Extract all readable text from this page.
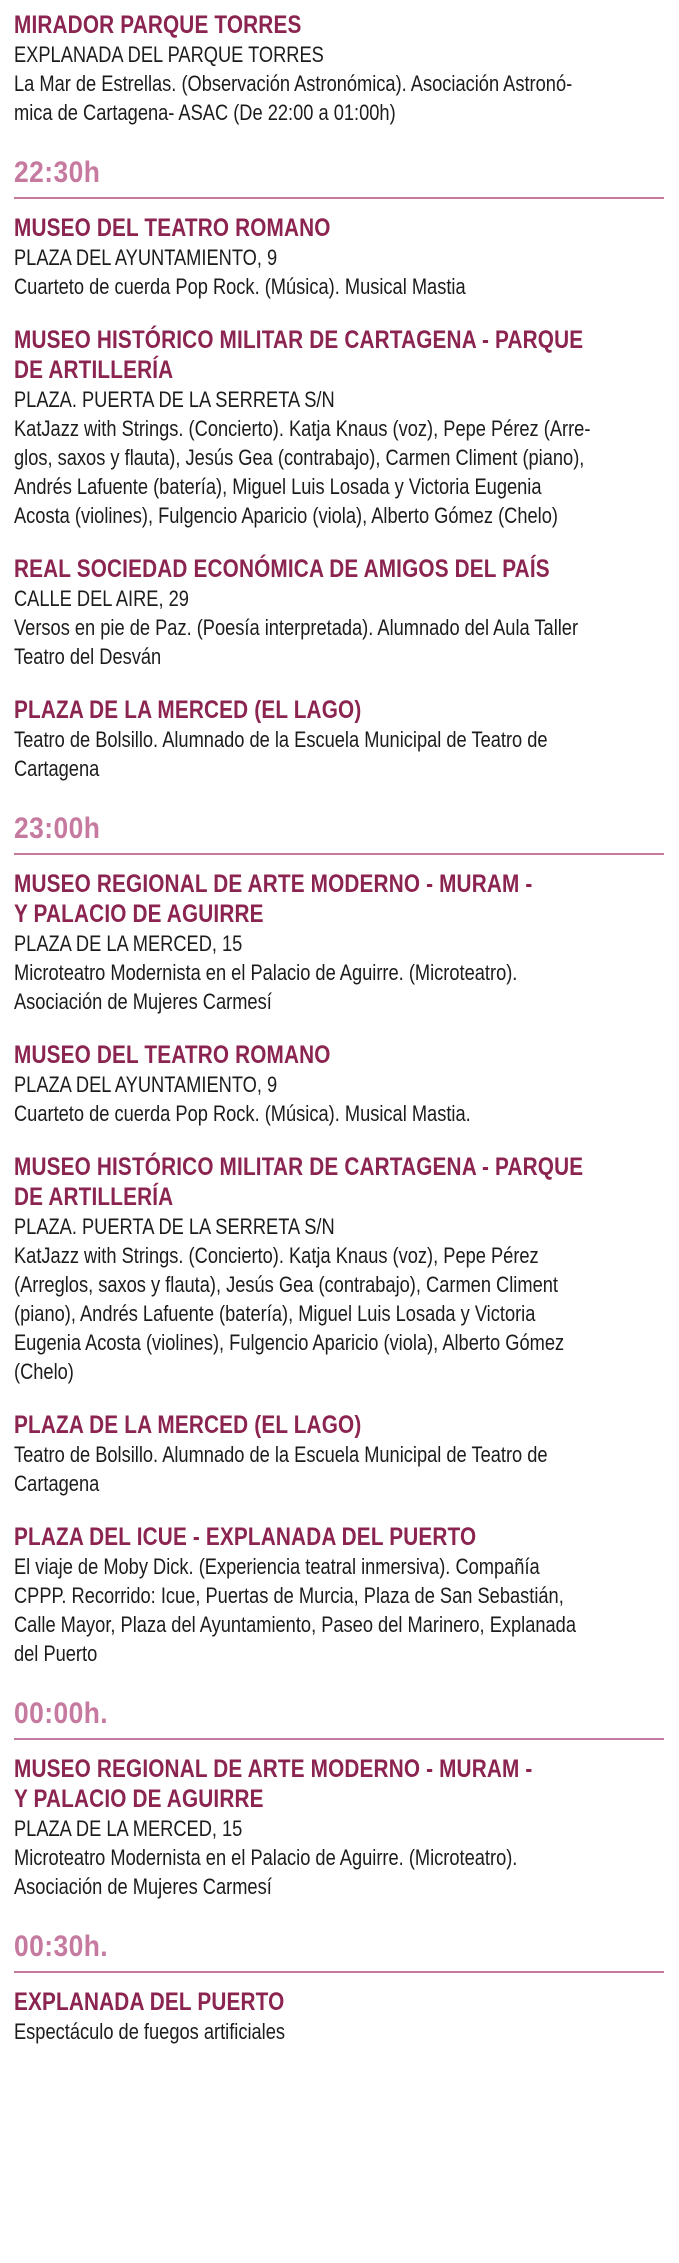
MIRADOR PARQUE TORRES
EXPLANADA DEL PARQUE TORRES
La Mar de Estrellas. (Observación Astronómica). Asociación Astronó-
mica de Cartagena- ASAC (De 22:00 a 01:00h)
22:30h
MUSEO DEL TEATRO ROMANO
PLAZA DEL AYUNTAMIENTO, 9
Cuarteto de cuerda Pop Rock. (Música). Musical Mastia
MUSEO HISTÓRICO MILITAR DE CARTAGENA - PARQUE
DE ARTILLERÍA
PLAZA. PUERTA DE LA SERRETA S/N
KatJazz with Strings. (Concierto). Katja Knaus (voz), Pepe Pérez (Arre-
glos, saxos y flauta), Jesús Gea (contrabajo), Carmen Climent (piano),
Andrés Lafuente (batería), Miguel Luis Losada y Victoria Eugenia
Acosta (violines), Fulgencio Aparicio (viola), Alberto Gómez (Chelo)
REAL SOCIEDAD ECONÓMICA DE AMIGOS DEL PAÍS
CALLE DEL AIRE, 29
Versos en pie de Paz. (Poesía interpretada). Alumnado del Aula Taller
Teatro del Desván
PLAZA DE LA MERCED (EL LAGO)
Teatro de Bolsillo. Alumnado de la Escuela Municipal de Teatro de
Cartagena
23:00h
MUSEO REGIONAL DE ARTE MODERNO - MURAM -
Y PALACIO DE AGUIRRE
PLAZA DE LA MERCED, 15
Microteatro Modernista en el Palacio de Aguirre. (Microteatro).
Asociación de Mujeres Carmesí
MUSEO DEL TEATRO ROMANO
PLAZA DEL AYUNTAMIENTO, 9
Cuarteto de cuerda Pop Rock. (Música). Musical Mastia.
MUSEO HISTÓRICO MILITAR DE CARTAGENA - PARQUE
DE ARTILLERÍA
PLAZA. PUERTA DE LA SERRETA S/N
KatJazz with Strings. (Concierto). Katja Knaus (voz), Pepe Pérez
(Arreglos, saxos y flauta), Jesús Gea (contrabajo), Carmen Climent
(piano), Andrés Lafuente (batería), Miguel Luis Losada y Victoria
Eugenia Acosta (violines), Fulgencio Aparicio (viola), Alberto Gómez
(Chelo)
PLAZA DE LA MERCED (EL LAGO)
Teatro de Bolsillo. Alumnado de la Escuela Municipal de Teatro de
Cartagena
PLAZA DEL ICUE - EXPLANADA DEL PUERTO
El viaje de Moby Dick. (Experiencia teatral inmersiva). Compañía
CPPP. Recorrido: Icue, Puertas de Murcia, Plaza de San Sebastián,
Calle Mayor, Plaza del Ayuntamiento, Paseo del Marinero, Explanada
del Puerto
00:00h.
MUSEO REGIONAL DE ARTE MODERNO - MURAM -
Y PALACIO DE AGUIRRE
PLAZA DE LA MERCED, 15
Microteatro Modernista en el Palacio de Aguirre. (Microteatro).
Asociación de Mujeres Carmesí
00:30h.
EXPLANADA DEL PUERTO
Espectáculo de fuegos artificiales
